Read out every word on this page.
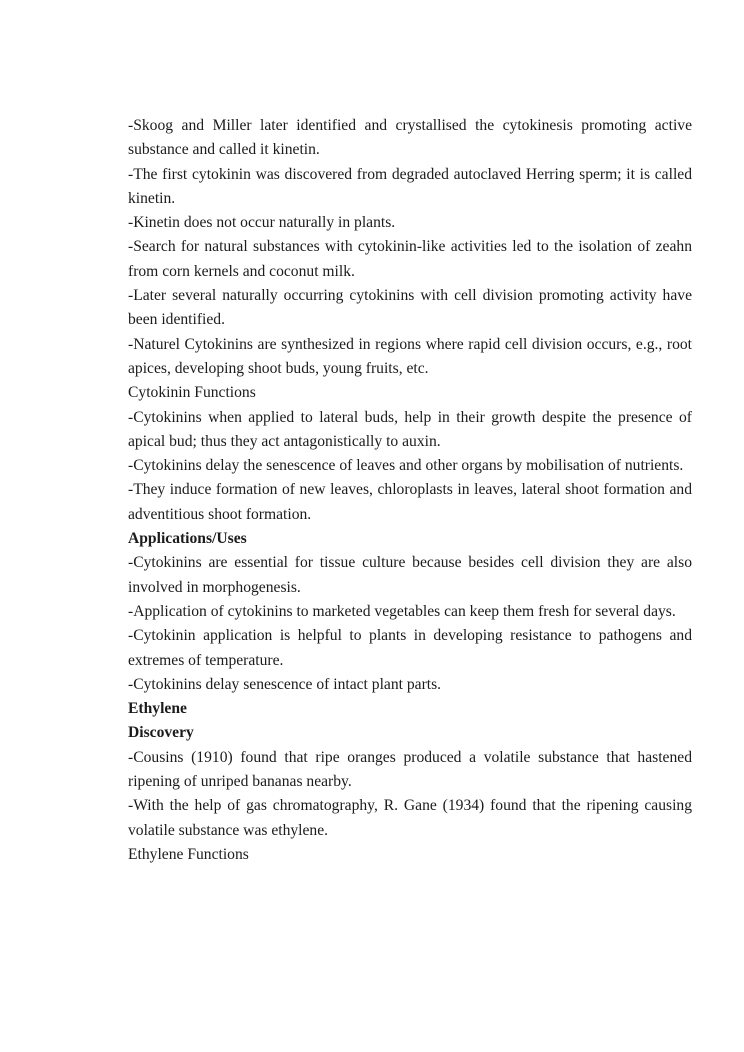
-Skoog and Miller later identified and crystallised the cytokinesis promoting active substance and called it kinetin.

-The first cytokinin was discovered from degraded autoclaved Herring sperm; it is called kinetin.

-Kinetin does not occur naturally in plants.

-Search for natural substances with cytokinin-like activities led to the isolation of zeahn from corn kernels and coconut milk.

-Later several naturally occurring cytokinins with cell division promoting activity have been identified.

-Naturel Cytokinins are synthesized in regions where rapid cell division occurs, e.g., root apices, developing shoot buds, young fruits, etc.

Cytokinin Functions

-Cytokinins when applied to lateral buds, help in their growth despite the presence of apical bud; thus they act antagonistically to auxin.

-Cytokinins delay the senescence of leaves and other organs by mobilisation of nutrients.

-They induce formation of new leaves, chloroplasts in leaves, lateral shoot formation and adventitious shoot formation.

Applications/Uses

-Cytokinins are essential for tissue culture because besides cell division they are also involved in morphogenesis.

-Application of cytokinins to marketed vegetables can keep them fresh for several days.

-Cytokinin application is helpful to plants in developing resistance to pathogens and extremes of temperature.

-Cytokinins delay senescence of intact plant parts.

Ethylene

Discovery

-Cousins (1910) found that ripe oranges produced a volatile substance that hastened ripening of unriped bananas nearby.

-With the help of gas chromatography, R. Gane (1934) found that the ripening causing volatile substance was ethylene.

Ethylene Functions
